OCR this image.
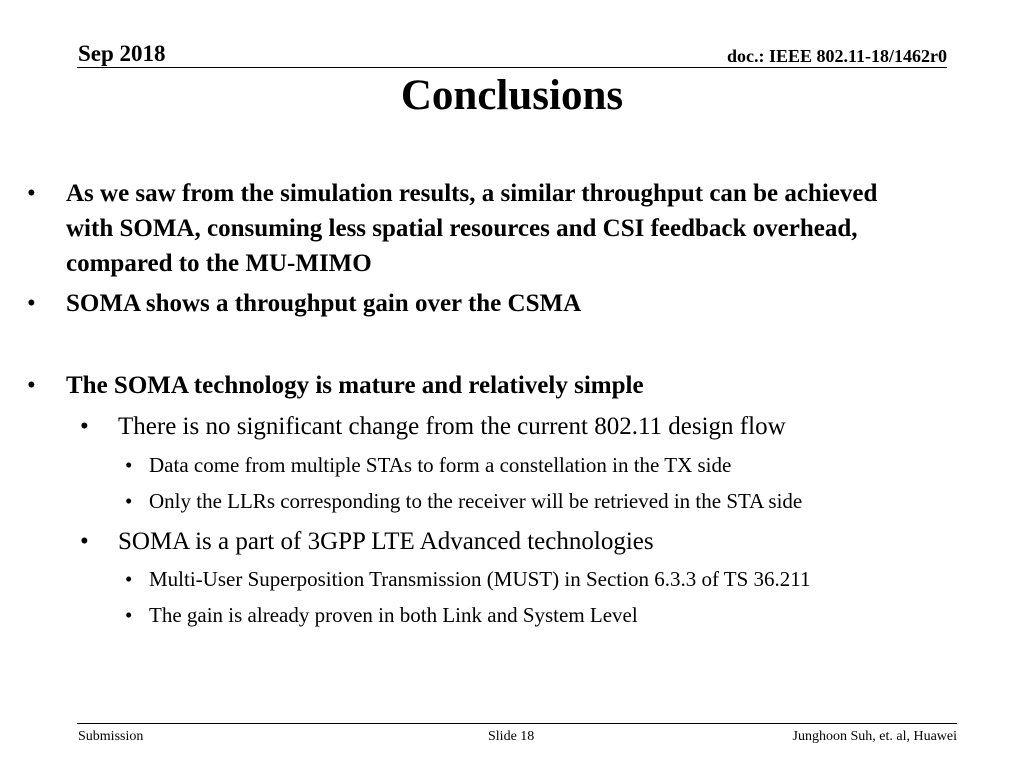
Sep 2018	doc.: IEEE 802.11-18/1462r0
Conclusions
• As we saw from the simulation results, a similar throughput can be achieved
with SOMA, consuming less spatial resources and CSI feedback overhead,
compared to the MU-MIMO
• SOMA shows a throughput gain over the CSMA
• The SOMA technology is mature and relatively simple
• There is no significant change from the current 802.11 design flow
• Data come from multiple STAs to form a constellation in the TX side
• Only the LLRs corresponding to the receiver will be retrieved in the STA side
• SOMA is a part of 3GPP LTE Advanced technologies
• Multi-User Superposition Transmission (MUST) in Section 6.3.3 of TS 36.211
• The gain is already proven in both Link and System Level
Submission	Slide 18	Junghoon Suh, et. al, Huawei
